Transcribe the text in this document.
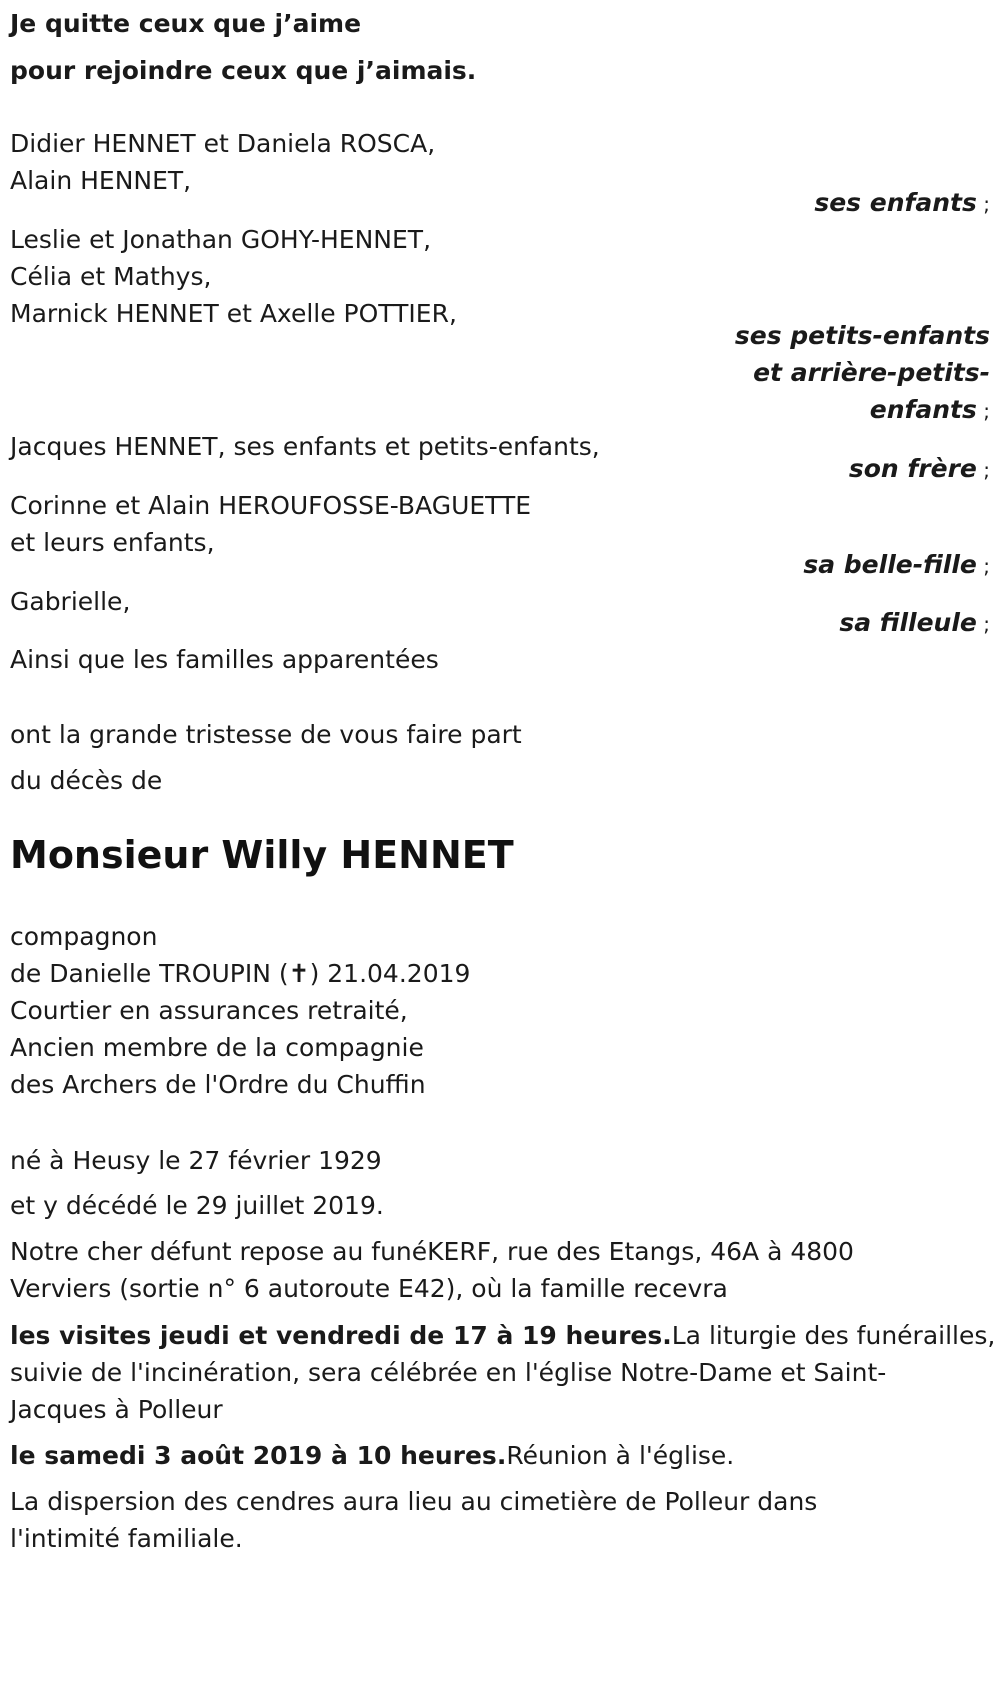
Je quitte ceux que j’aime
pour rejoindre ceux que j’aimais.
Didier HENNET et Daniela ROSCA,
Alain HENNET,
ses enfants ;
Leslie et Jonathan GOHY-HENNET,
Célia et Mathys,
Marnick HENNET et Axelle POTTIER,
ses petits-enfants
et arrière-petits-
enfants ;
Jacques HENNET, ses enfants et petits-enfants,
son frère ;
Corinne et Alain HEROUFOSSE-BAGUETTE
et leurs enfants,
sa belle-fille ;
Gabrielle,
sa filleule ;
Ainsi que les familles apparentées
ont la grande tristesse de vous faire part
du décès de
Monsieur Willy HENNET
compagnon
de Danielle TROUPIN (✝) 21.04.2019
Courtier en assurances retraité,
Ancien membre de la compagnie
des Archers de l'Ordre du Chuffin
né à Heusy le 27 février 1929
et y décédé le 29 juillet 2019.
Notre cher défunt repose au funéKERF, rue des Etangs, 46A à 4800
Verviers (sortie n° 6 autoroute E42), où la famille recevra
les visites jeudi et vendredi de 17 à 19 heures.La liturgie des funérailles,
suivie de l'incinération, sera célébrée en l'église Notre-Dame et Saint-
Jacques à Polleur
le samedi 3 août 2019 à 10 heures.Réunion à l'église.
La dispersion des cendres aura lieu au cimetière de Polleur dans
l'intimité familiale.
